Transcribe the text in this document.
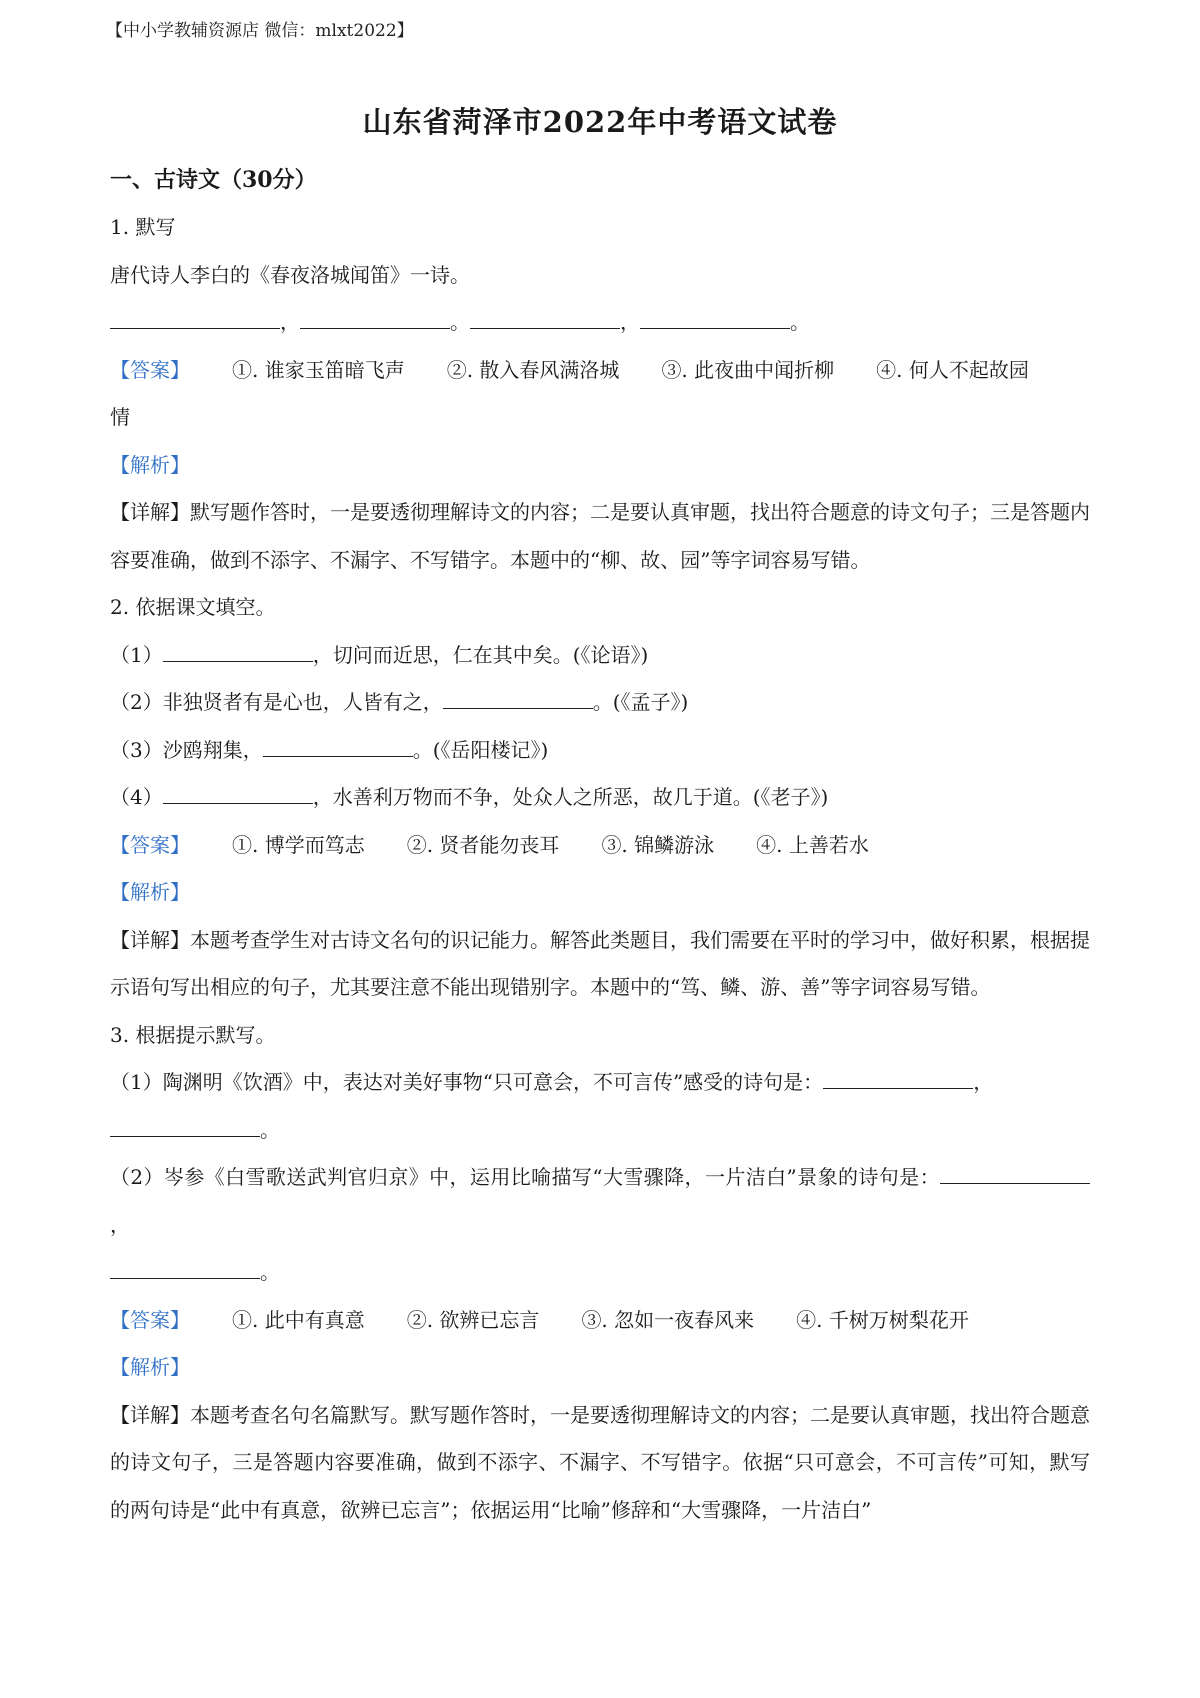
【中小学教辅资源店 微信：mlxt2022】
山东省菏泽市2022年中考语文试卷
一、古诗文（30分）
1. 默写
唐代诗人李白的《春夜洛城闻笛》一诗。
，	。	，	。
【答案】 ①. 谁家玉笛暗飞声 ②. 散入春风满洛城 ③. 此夜曲中闻折柳 ④. 何人不起故园
情
【解析】
【详解】默写题作答时，一是要透彻理解诗文的内容；二是要认真审题，找出符合题意的诗文句子；三是答题内容要准确，做到不添字、不漏字、不写错字。本题中的“柳、故、园”等字词容易写错。
2. 依据课文填空。
（1）	，切问而近思，仁在其中矣。(《论语》)
（2）非独贤者有是心也，人皆有之，	。(《孟子》)
（3）沙鸥翔集，	。(《岳阳楼记》)
（4）	，水善利万物而不争，处众人之所恶，故几于道。(《老子》)
【答案】 ①. 博学而笃志 ②. 贤者能勿丧耳 ③. 锦鳞游泳 ④. 上善若水
【解析】
【详解】本题考查学生对古诗文名句的识记能力。解答此类题目，我们需要在平时的学习中，做好积累，根据提示语句写出相应的句子，尤其要注意不能出现错别字。本题中的“笃、鳞、游、善”等字词容易写错。
3. 根据提示默写。
（1）陶渊明《饮酒》中，表达对美好事物“只可意会，不可言传”感受的诗句是：	，
。
（2）岑参《白雪歌送武判官归京》中，运用比喻描写“大雪骤降，一片洁白”景象的诗句是：，
。
【答案】 ①. 此中有真意 ②. 欲辨已忘言 ③. 忽如一夜春风来 ④. 千树万树梨花开
【解析】
【详解】本题考查名句名篇默写。默写题作答时，一是要透彻理解诗文的内容；二是要认真审题，找出符合题意的诗文句子，三是答题内容要准确，做到不添字、不漏字、不写错字。依据“只可意会，不可言传”可知，默写的两句诗是“此中有真意，欲辨已忘言”；依据运用“比喻”修辞和“大雪骤降，一片洁白”
